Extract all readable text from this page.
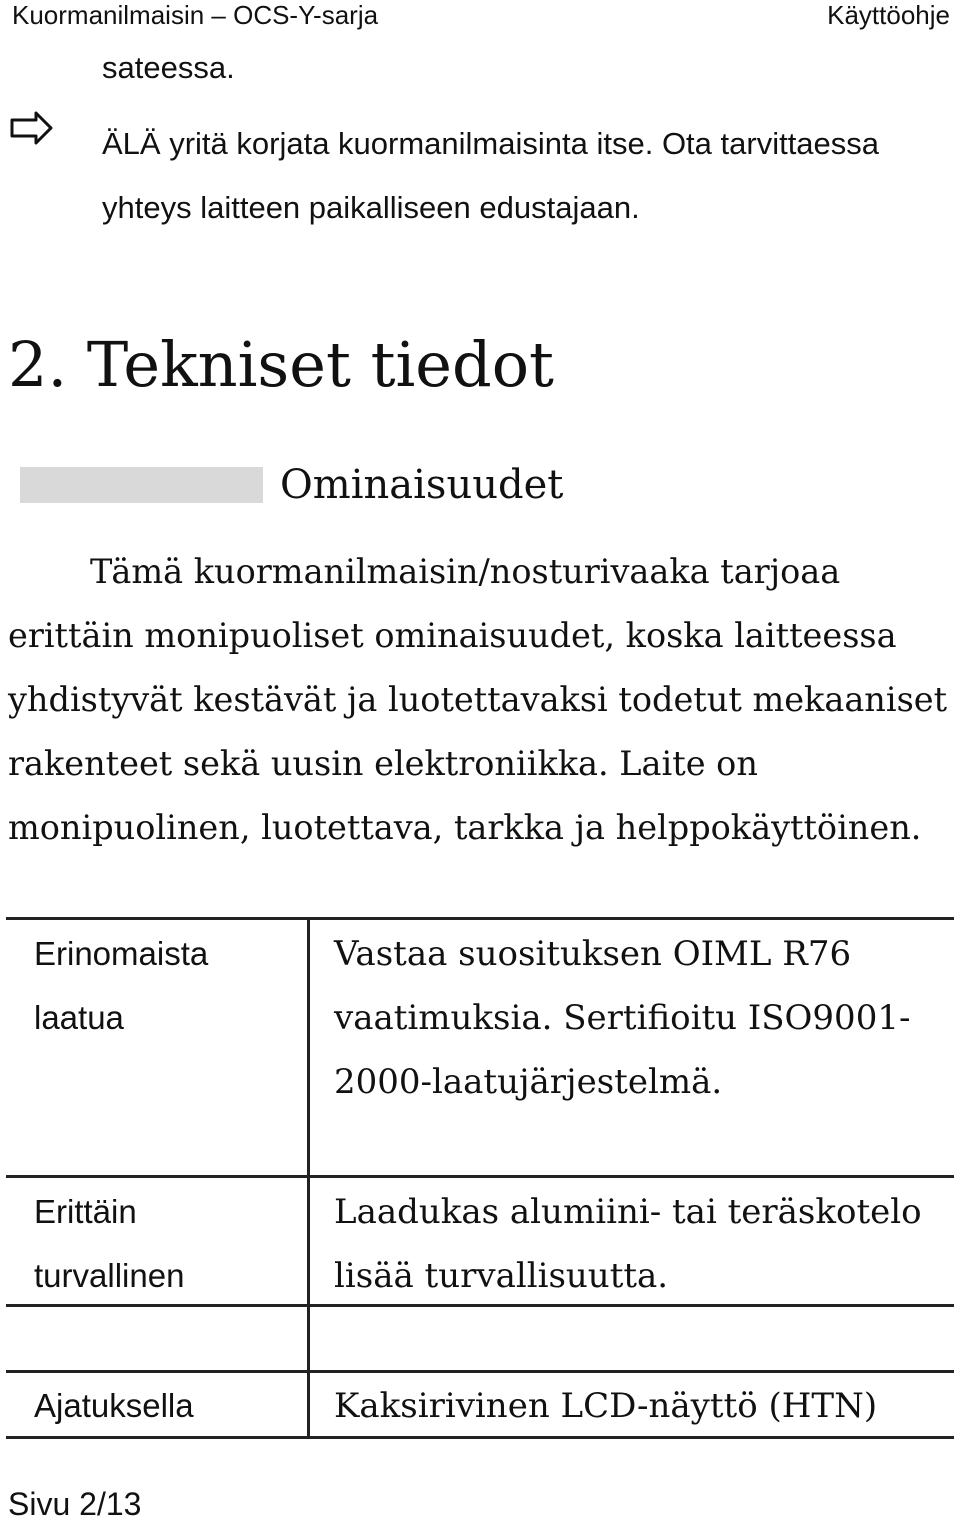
Kuormanilmaisin – OCS-Y-sarja	Käyttöohje
sateessa.
ÄLÄ yritä korjata kuormanilmaisinta itse. Ota tarvittaessa yhteys laitteen paikalliseen edustajaan.
2. Tekniset tiedot
Ominaisuudet
Tämä kuormanilmaisin/nosturivaaka tarjoaa erittäin monipuoliset ominaisuudet, koska laitteessa yhdistyvät kestävät ja luotettavaksi todetut mekaaniset rakenteet sekä uusin elektroniikka. Laite on monipuolinen, luotettava, tarkka ja helppokäyttöinen.
Erinomaista laatua
Vastaa suosituksen OIML R76 vaatimuksia. Sertifioitu ISO9001-2000-laatujärjestelmä.
Erittäin turvallinen
Laadukas alumiini- tai teräskotelo lisää turvallisuutta.
Ajatuksella	Kaksirivinen LCD-näyttö (HTN)
Sivu 2/13
